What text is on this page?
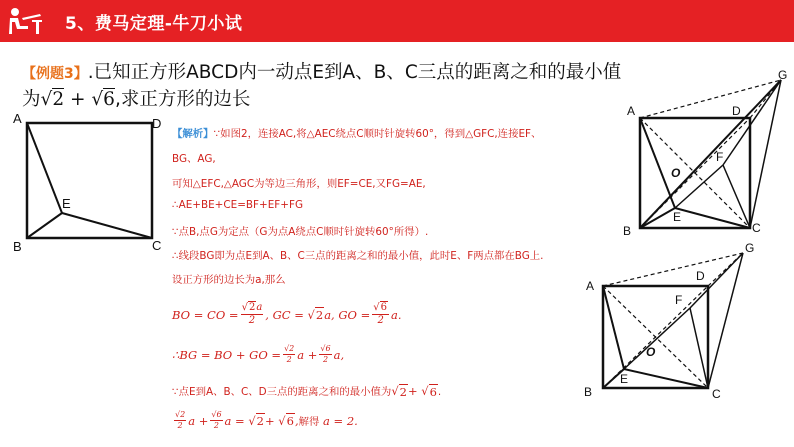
5、费马定理-牛刀小试
【例题3】.已知正方形ABCD内一动点E到A、B、C三点的距离之和的最小值
为√2 + √6,求正方形的边长
A	D
E
B	C
【解析】∵如图2，连接AC,将△AEC绕点C顺时针旋转60°，得到△GFC,连接EF、
BG、AG,
可知△EFC,△AGC为等边三角形，则EF=CE,又FG=AE,
∴AE+BE+CE=BF+EF+FG
∵点B,点G为定点（G为点A绕点C顺时针旋转60°所得）.
∴线段BG即为点E到A、B、C三点的距离之和的最小值，此时E、F两点都在BG上.
设正方形的边长为a,那么
BO = CO = $\frac{√2a}{2}$ , GC = √ 2 a, GO = $\frac{√6}{2} a$.
∴BG = BO + GO = $\frac{√2}{2}$ $a + \frac{√6}{2} a$,
∵点E到A、B、C、D三点的距离之和的最小值为√ 2 + √ 6 .
$\frac{√2}{2}$ $a + \frac{√6}{2}$ a = √ 2 + √ 6 , 解得
a = 2.
G
A	D
F
O
E
B	C
G
A
D
F
O
E
B	C
